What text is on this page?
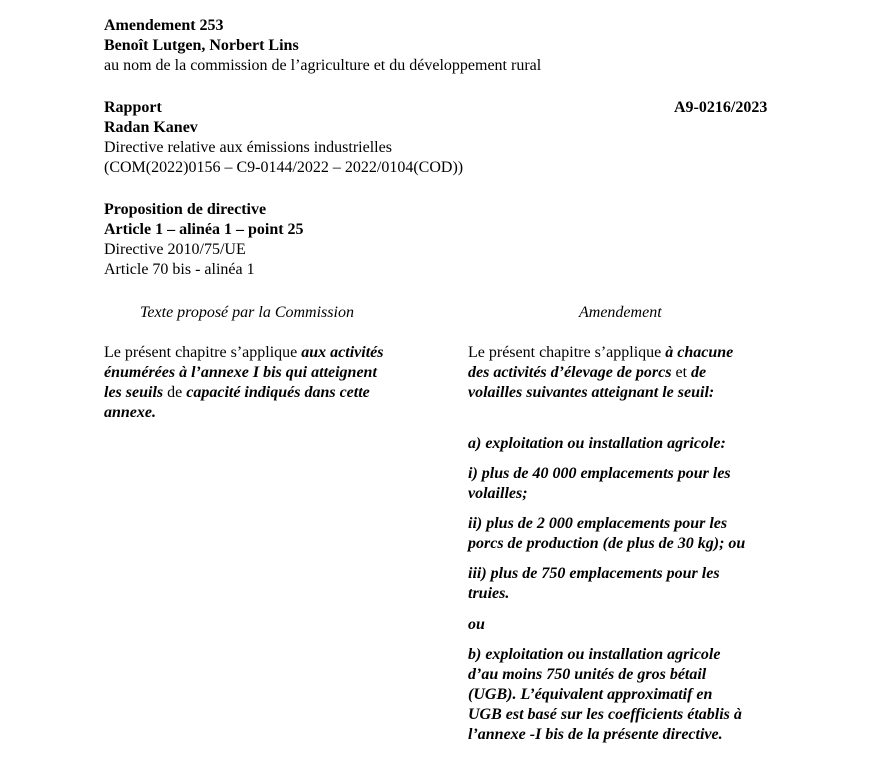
Amendement 253
Benoît Lutgen, Norbert Lins
au nom de la commission de l’agriculture et du développement rural
Rapport
Radan Kanev
Directive relative aux émissions industrielles
(COM(2022)0156 – C9-0144/2022 – 2022/0104(COD))
A9-0216/2023
Proposition de directive
Article 1 – alinéa 1 – point 25
Directive 2010/75/UE
Article 70 bis - alinéa 1
Texte proposé par la Commission	Amendement
Le présent chapitre s’applique aux activités
énumérées à l’annexe I bis qui atteignent
les seuils de capacité indiqués dans cette
annexe.
Le présent chapitre s’applique à chacune
des activités d’élevage de porcs et de
volailles suivantes atteignant le seuil:
a) exploitation ou installation agricole:
i) plus de 40 000 emplacements pour les
volailles;
ii) plus de 2 000 emplacements pour les
porcs de production (de plus de 30 kg); ou
iii) plus de 750 emplacements pour les
truies.
ou
b) exploitation ou installation agricole
d’au moins 750 unités de gros bétail
(UGB). L’équivalent approximatif en
UGB est basé sur les coefficients établis à
l’annexe -I bis de la présente directive.
